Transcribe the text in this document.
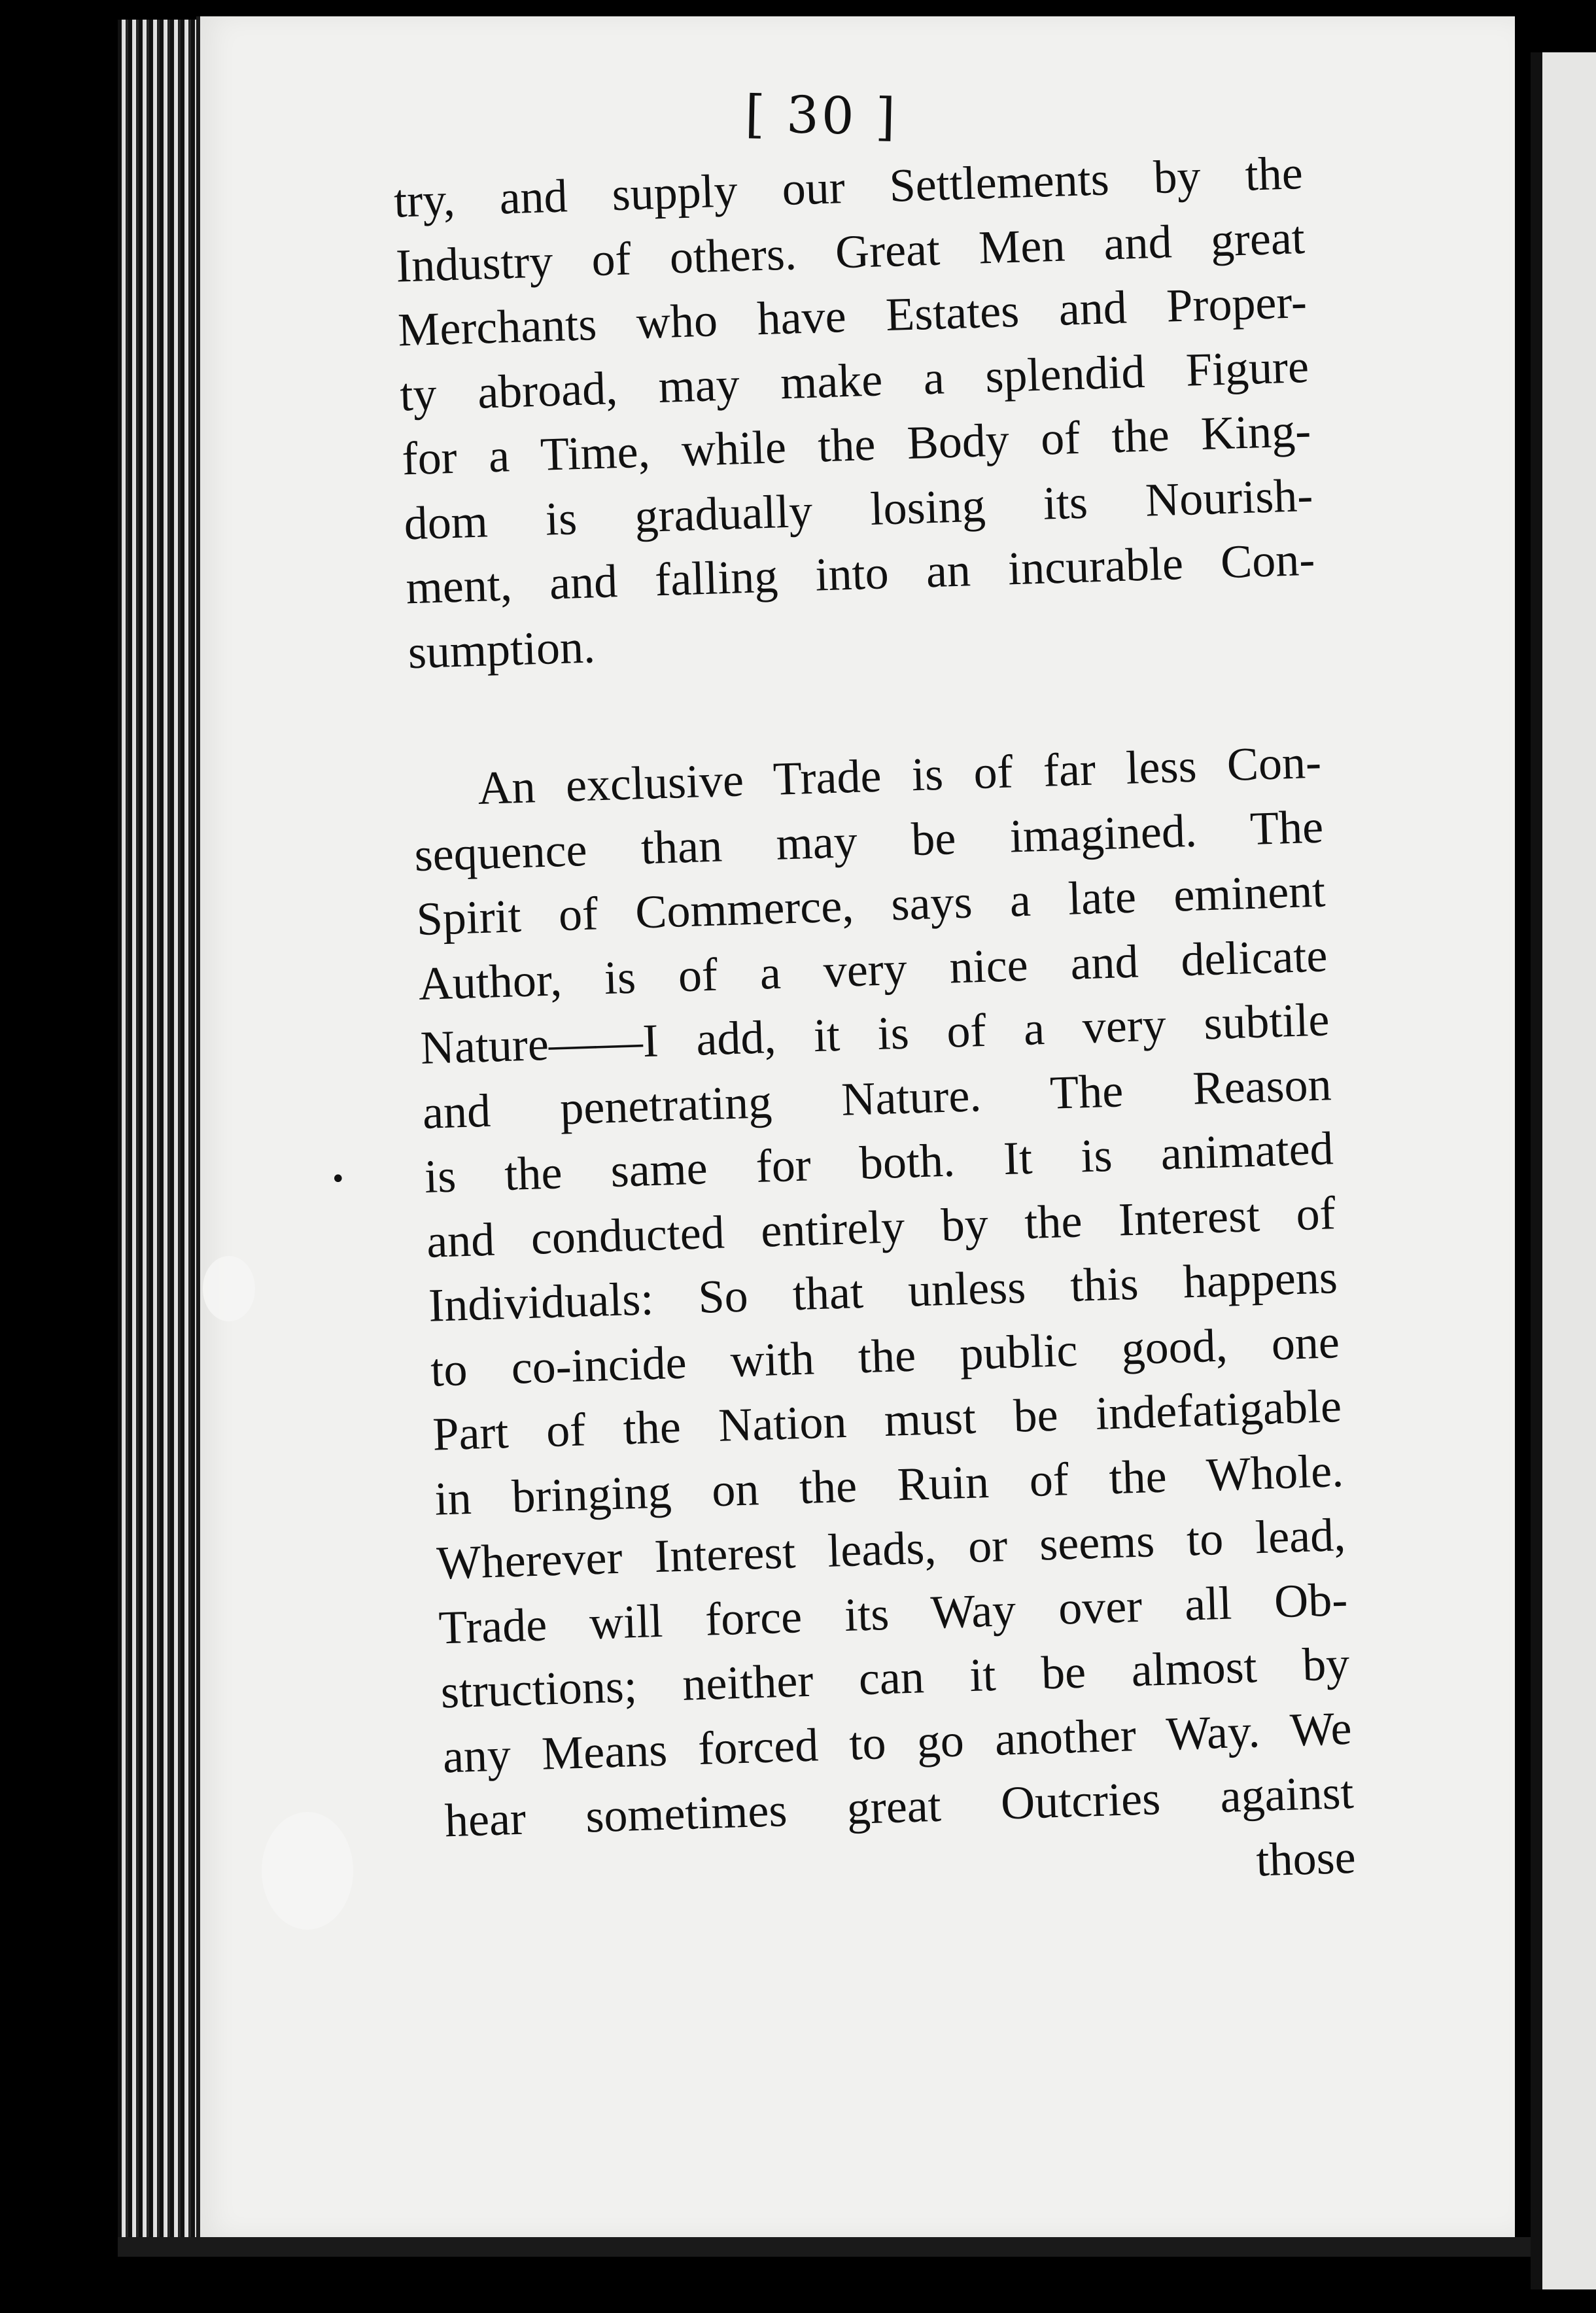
•
[ 30 ]
try, and supply our Settlements by the
Industry of others. Great Men and great
Merchants who have Estates and Proper-
ty abroad, may make a splendid Figure
for a Time, while the Body of the King-
dom is gradually losing its Nourish-
ment, and falling into an incurable Con-
sumption.
An exclusive Trade is of far less Con-
sequence than may be imagined. The
Spirit of Commerce, says a late eminent
Author, is of a very nice and delicate
Nature——I add, it is of a very subtile
and penetrating Nature. The Reason
is the same for both. It is animated
and conducted entirely by the Interest of
Individuals: So that unless this happens
to co-incide with the public good, one
Part of the Nation must be indefatigable
in bringing on the Ruin of the Whole.
Wherever Interest leads, or seems to lead,
Trade will force its Way over all Ob-
structions; neither can it be almost by
any Means forced to go another Way. We
hear sometimes great Outcries against
those
